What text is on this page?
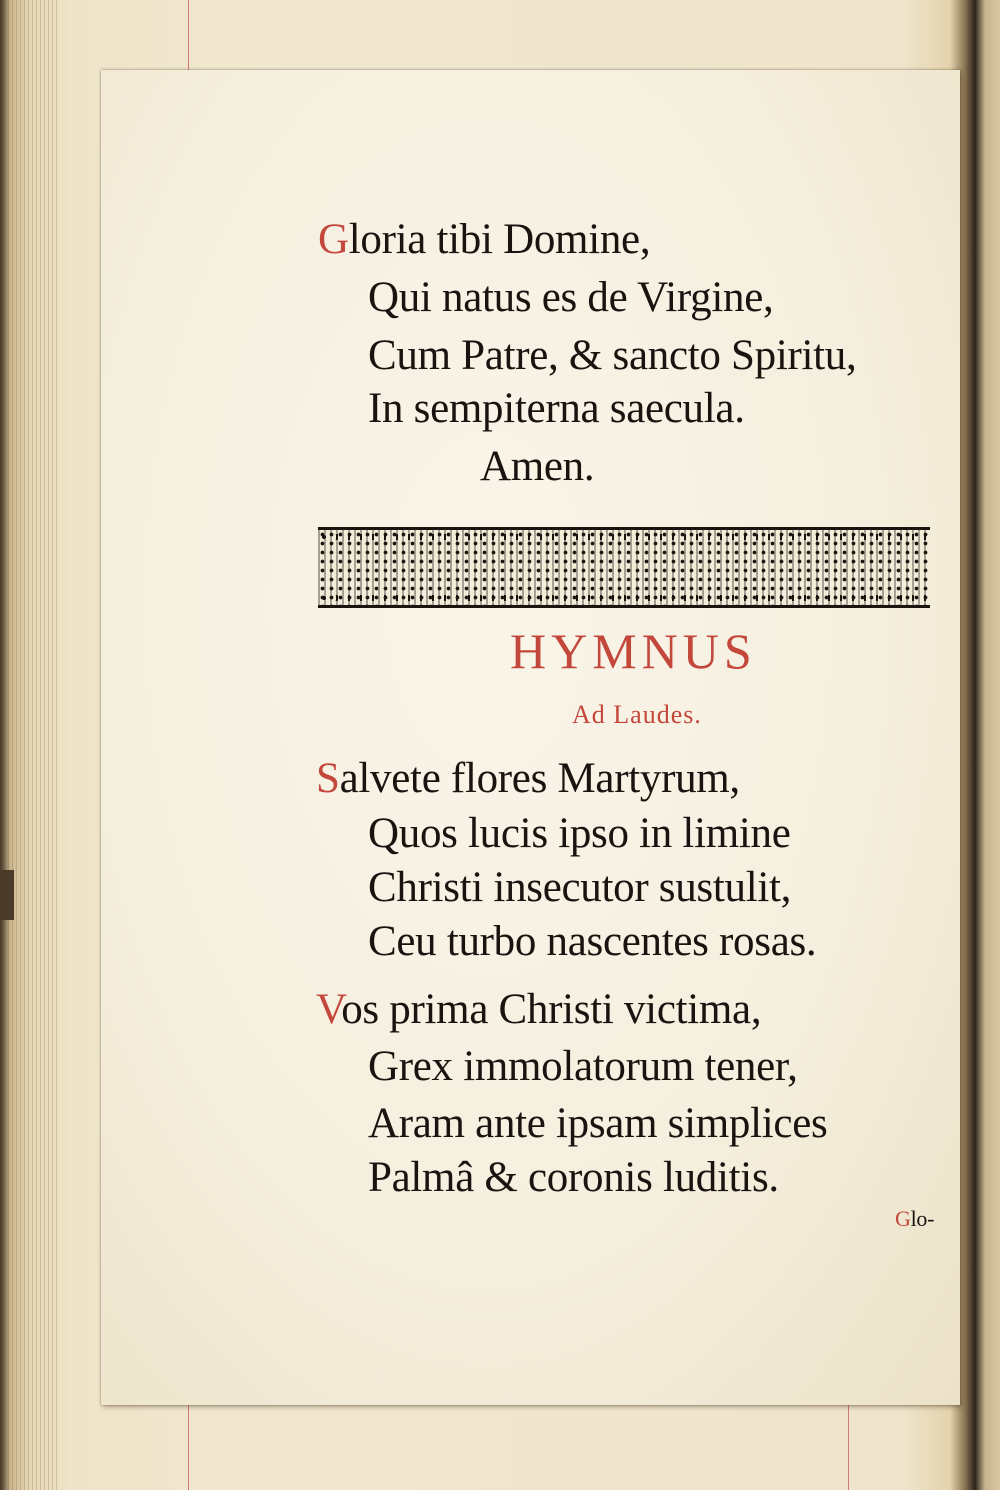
Gloria tibi Domine,
Qui natus es de Virgine,
Cum Patre, & sancto Spiritu,
In sempiterna saecula.
Amen.
HYMNUS
Ad Laudes.
Salvete flores Martyrum,
Quos lucis ipso in limine
Christi insecutor sustulit,
Ceu turbo nascentes rosas.
Vos prima Christi victima,
Grex immolatorum tener,
Aram ante ipsam simplices
Palmâ & coronis luditis.
Glo-
